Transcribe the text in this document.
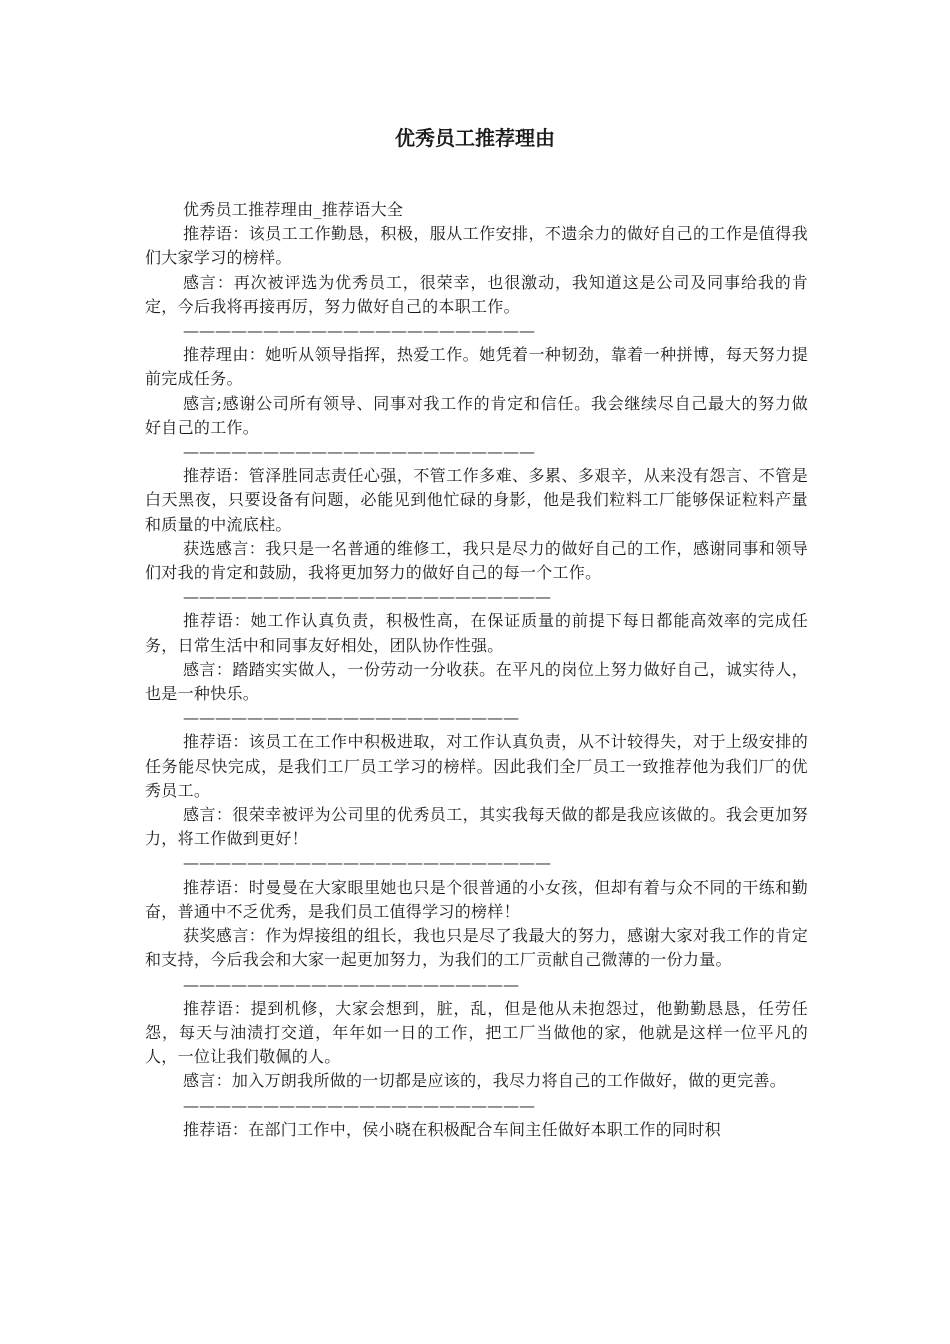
优秀员工推荐理由

优秀员工推荐理由_推荐语大全

推荐语：该员工工作勤恳，积极，服从工作安排，不遗余力的做好自己的工作是值得我们大家学习的榜样。

感言：再次被评选为优秀员工，很荣幸，也很激动，我知道这是公司及同事给我的肯定，今后我将再接再厉，努力做好自己的本职工作。

——————————————————————

推荐理由：她听从领导指挥，热爱工作。她凭着一种韧劲，靠着一种拼博，每天努力提前完成任务。

感言;感谢公司所有领导、同事对我工作的肯定和信任。我会继续尽自己最大的努力做好自己的工作。

——————————————————————

推荐语：管泽胜同志责任心强，不管工作多难、多累、多艰辛，从来没有怨言、不管是白天黑夜，只要设备有问题，必能见到他忙碌的身影，他是我们粒料工厂能够保证粒料产量和质量的中流底柱。

获选感言：我只是一名普通的维修工，我只是尽力的做好自己的工作，感谢同事和领导们对我的肯定和鼓励，我将更加努力的做好自己的每一个工作。

———————————————————————

推荐语：她工作认真负责，积极性高，在保证质量的前提下每日都能高效率的完成任务，日常生活中和同事友好相处，团队协作性强。

感言：踏踏实实做人，一份劳动一分收获。在平凡的岗位上努力做好自己，诚实待人，也是一种快乐。

—————————————————————

推荐语：该员工在工作中积极进取，对工作认真负责，从不计较得失，对于上级安排的任务能尽快完成，是我们工厂员工学习的榜样。因此我们全厂员工一致推荐他为我们厂的优秀员工。

感言：很荣幸被评为公司里的优秀员工，其实我每天做的都是我应该做的。我会更加努力，将工作做到更好！

———————————————————————

推荐语：时曼曼在大家眼里她也只是个很普通的小女孩，但却有着与众不同的干练和勤奋，普通中不乏优秀，是我们员工值得学习的榜样！

获奖感言：作为焊接组的组长，我也只是尽了我最大的努力，感谢大家对我工作的肯定和支持，今后我会和大家一起更加努力，为我们的工厂贡献自己微薄的一份力量。

—————————————————————

推荐语：提到机修，大家会想到，脏，乱，但是他从未抱怨过，他勤勤恳恳，任劳任怨，每天与油渍打交道，年年如一日的工作，把工厂当做他的家，他就是这样一位平凡的人，一位让我们敬佩的人。

感言：加入万朗我所做的一切都是应该的，我尽力将自己的工作做好，做的更完善。

——————————————————————

推荐语：在部门工作中，侯小晓在积极配合车间主任做好本职工作的同时积
